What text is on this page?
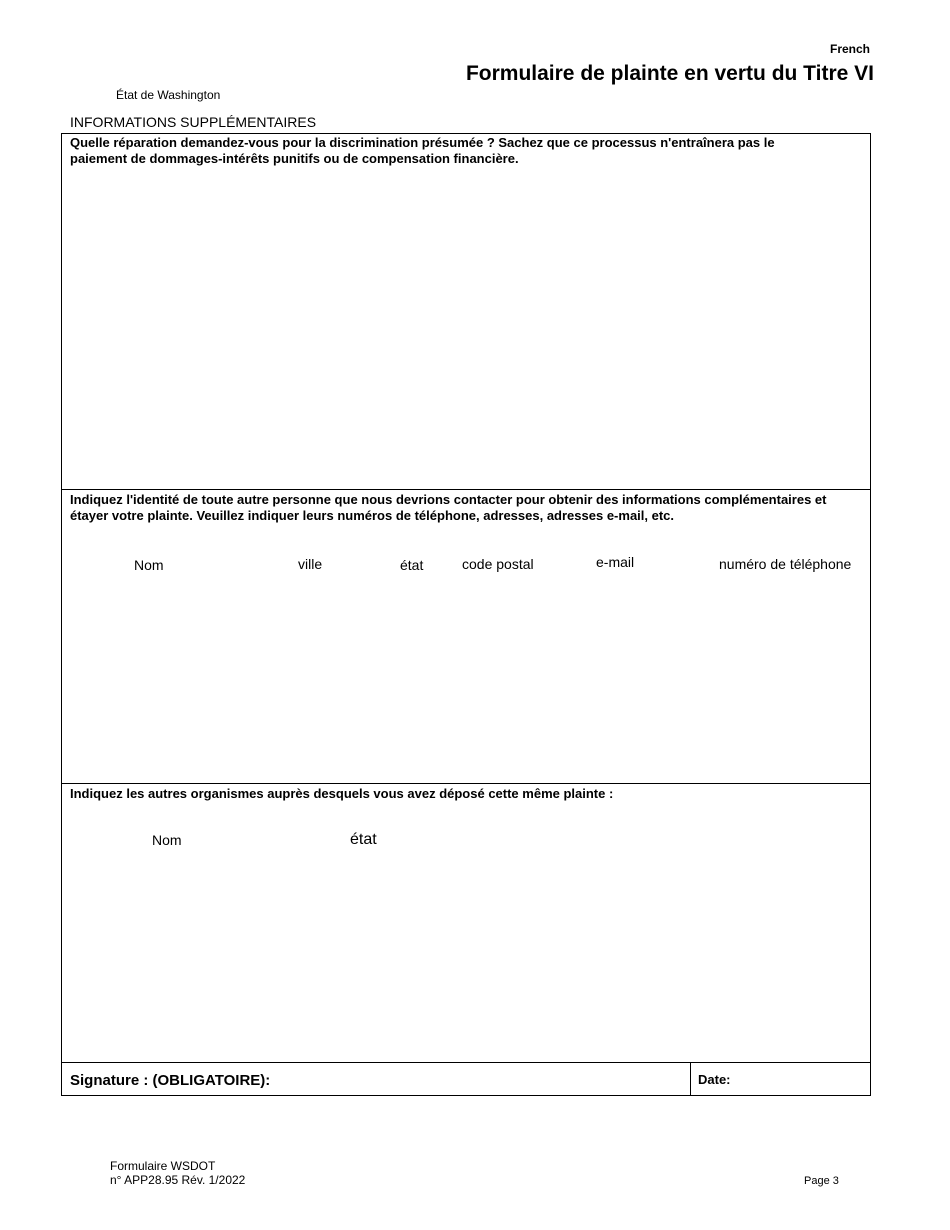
French
Formulaire de plainte en vertu du Titre VI
État de Washington
INFORMATIONS SUPPLÉMENTAIRES
Quelle réparation demandez-vous pour la discrimination présumée ? Sachez que ce processus n'entraînera pas le paiement de dommages-intérêts punitifs ou de compensation financière.
Indiquez l'identité de toute autre personne que nous devrions contacter pour obtenir des informations complémentaires et étayer votre plainte. Veuillez indiquer leurs numéros de téléphone, adresses, adresses e-mail, etc.
Nom	ville	état	code postal	e-mail	numéro de téléphone
Indiquez les autres organismes auprès desquels vous avez déposé cette même plainte :
Nom	état
Signature : (OBLIGATOIRE):	Date:
Formulaire WSDOT
n° APP28.95 Rév. 1/2022	Page 3
